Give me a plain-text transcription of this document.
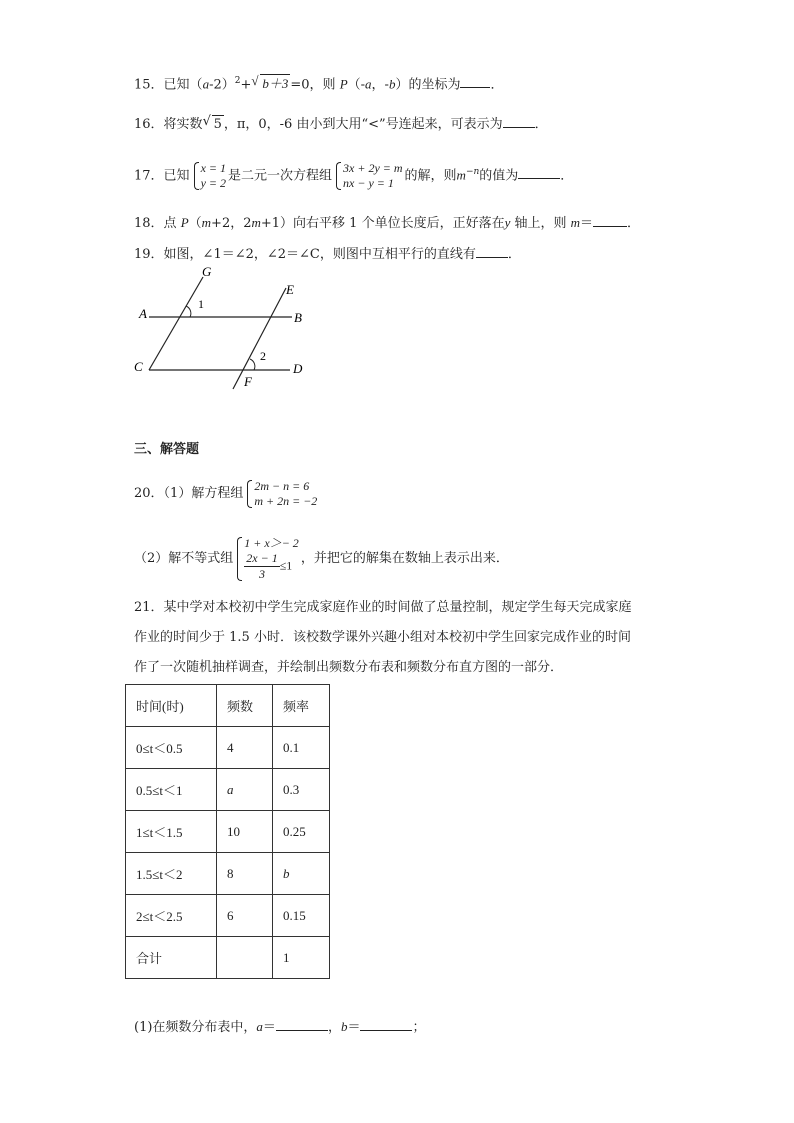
15．已知$(a-2)^2+$ √ b＋3 =0，则 P（-a，-b）的坐标为 ．
16．将实数 √ 5 ，π，0，-6 由小到大用“<”号连起来，可表示为 ．
17．已知
x = 1
y = 2 是二元一次方程组
3x + 2y = m
nx − y = 1 的解，则$m^{-n}$的值为	．
18．点 P（m+2，2m+1）向右平移 1 个单位长度后，正好落在y 轴上，则 m＝	．
19．如图，∠1＝∠2，∠2＝∠C，则图中互相平行的直线有 ．
G
E
A	B
C	D
F
1
2
三、解答题
20．（1）解方程组
2m − n = 6
m + 2n = −2
（2）解不等式组
1 + x＞− 2
$\frac{2x - 1}{3} \le 1$ ，并把它的解集在数轴上表示出来．
21．某中学对本校初中学生完成家庭作业的时间做了总量控制，规定学生每天完成家庭
作业的时间少于 1.5 小时．该校数学课外兴趣小组对本校初中学生回家完成作业的时间
作了一次随机抽样调查，并绘制出频数分布表和频数分布直方图的一部分．
时间(时)	频数	频率
0≤t＜0.5	4	0.1
0.5≤t＜1	a	0.3
1≤t＜1.5	10	0.25
1.5≤t＜2	8	b
2≤t＜2.5	6	0.15
合计		1
(1)在频数分布表中，a＝	，b＝	；
